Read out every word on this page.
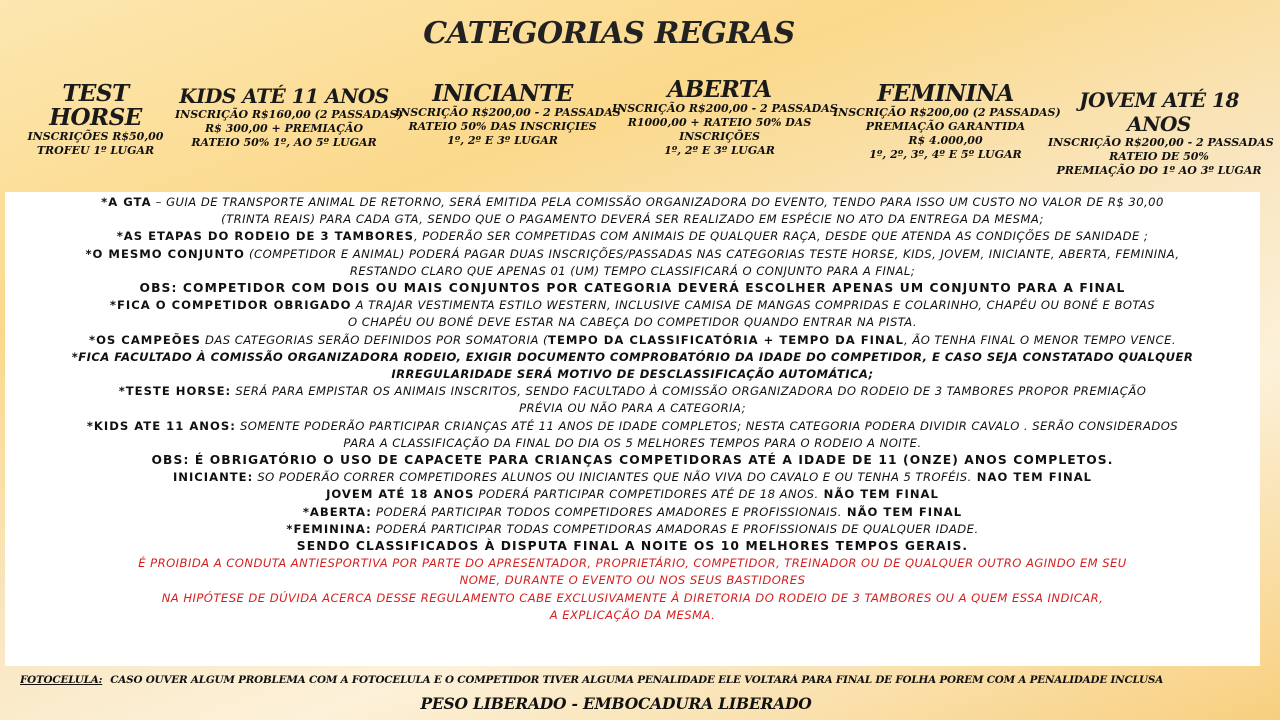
CATEGORIAS REGRAS
TEST HORSE
INSCRIÇÕES R$50,00
TROFEU 1º LUGAR
KIDS ATÉ 11 ANOS
INSCRIÇÃO R$160,00 (2 PASSADAS)
R$ 300,00 + PREMIAÇÃO
RATEIO 50% 1º, AO 5º LUGAR
INICIANTE
INSCRIÇÃO R$200,00 - 2 PASSADAS
RATEIO 50% DAS INSCRIÇIES
1º, 2º E 3º LUGAR
ABERTA
INSCRIÇÃO R$200,00 - 2 PASSADAS
R1000,00 + RATEIO 50% DAS
INSCRIÇÕES
1º, 2º E 3º LUGAR
FEMININA
INSCRIÇÃO R$200,00 (2 PASSADAS)
PREMIAÇÃO GARANTIDA
R$ 4.000,00
1º, 2º, 3º, 4º E 5º LUGAR
JOVEM ATÉ 18 ANOS
INSCRIÇÃO R$200,00 - 2 PASSADAS
RATEIO DE 50%
PREMIAÇÃO DO 1º AO 3º LUGAR
*A GTA – GUIA DE TRANSPORTE ANIMAL DE RETORNO, SERÁ EMITIDA PELA COMISSÃO ORGANIZADORA DO EVENTO, TENDO PARA ISSO UM CUSTO NO VALOR DE R$ 30,00
(TRINTA REAIS) PARA CADA GTA, SENDO QUE O PAGAMENTO DEVERÁ SER REALIZADO EM ESPÉCIE NO ATO DA ENTREGA DA MESMA;
*AS ETAPAS DO RODEIO DE 3 TAMBORES, PODERÃO SER COMPETIDAS COM ANIMAIS DE QUALQUER RAÇA, DESDE QUE ATENDA AS CONDIÇÕES DE SANIDADE ;
*O MESMO CONJUNTO (COMPETIDOR E ANIMAL) PODERÁ PAGAR DUAS INSCRIÇÕES/PASSADAS NAS CATEGORIAS TESTE HORSE, KIDS, JOVEM, INICIANTE, ABERTA, FEMININA,
RESTANDO CLARO QUE APENAS 01 (UM) TEMPO CLASSIFICARÁ O CONJUNTO PARA A FINAL;
OBS: COMPETIDOR COM DOIS OU MAIS CONJUNTOS POR CATEGORIA DEVERÁ ESCOLHER APENAS UM CONJUNTO PARA A FINAL
*FICA O COMPETIDOR OBRIGADO A TRAJAR VESTIMENTA ESTILO WESTERN, INCLUSIVE CAMISA DE MANGAS COMPRIDAS E COLARINHO, CHAPÉU OU BONÉ E BOTAS
O CHAPÉU OU BONÉ DEVE ESTAR NA CABEÇA DO COMPETIDOR QUANDO ENTRAR NA PISTA.
*OS CAMPEÕES DAS CATEGORIAS SERÃO DEFINIDOS POR SOMATORIA (TEMPO DA CLASSIFICATÓRIA + TEMPO DA FINAL, ÃO TENHA FINAL O MENOR TEMPO VENCE.
*FICA FACULTADO À COMISSÃO ORGANIZADORA RODEIO, EXIGIR DOCUMENTO COMPROBATÓRIO DA IDADE DO COMPETIDOR, E CASO SEJA CONSTATADO QUALQUER
IRREGULARIDADE SERÁ MOTIVO DE DESCLASSIFICAÇÃO AUTOMÁTICA;
*TESTE HORSE: SERÁ PARA EMPISTAR OS ANIMAIS INSCRITOS, SENDO FACULTADO À COMISSÃO ORGANIZADORA DO RODEIO DE 3 TAMBORES PROPOR PREMIAÇÃO
PRÉVIA OU NÃO PARA A CATEGORIA;
*KIDS ATE 11 ANOS: SOMENTE PODERÃO PARTICIPAR CRIANÇAS ATÉ 11 ANOS DE IDADE COMPLETOS; NESTA CATEGORIA PODERA DIVIDIR CAVALO . SERÃO CONSIDERADOS
PARA A CLASSIFICAÇÃO DA FINAL DO DIA OS 5 MELHORES TEMPOS PARA O RODEIO A NOITE.
OBS: É OBRIGATÓRIO O USO DE CAPACETE PARA CRIANÇAS COMPETIDORAS ATÉ A IDADE DE 11 (ONZE) ANOS COMPLETOS.
INICIANTE: SO PODERÃO CORRER COMPETIDORES ALUNOS OU INICIANTES QUE NÃO VIVA DO CAVALO E OU TENHA 5 TROFÉIS. NAO TEM FINAL
JOVEM ATÉ 18 ANOS PODERÁ PARTICIPAR COMPETIDORES ATÉ DE 18 ANOS. NÃO TEM FINAL
*ABERTA: PODERÁ PARTICIPAR TODOS COMPETIDORES AMADORES E PROFISSIONAIS. NÃO TEM FINAL
*FEMININA: PODERÁ PARTICIPAR TODAS COMPETIDORAS AMADORAS E PROFISSIONAIS DE QUALQUER IDADE.
SENDO CLASSIFICADOS À DISPUTA FINAL A NOITE OS 10 MELHORES TEMPOS GERAIS.
É PROIBIDA A CONDUTA ANTIESPORTIVA POR PARTE DO APRESENTADOR, PROPRIETÁRIO, COMPETIDOR, TREINADOR OU DE QUALQUER OUTRO AGINDO EM SEU
NOME, DURANTE O EVENTO OU NOS SEUS BASTIDORES
NA HIPÓTESE DE DÚVIDA ACERCA DESSE REGULAMENTO CABE EXCLUSIVAMENTE À DIRETORIA DO RODEIO DE 3 TAMBORES OU A QUEM ESSA INDICAR,
A EXPLICAÇÃO DA MESMA.
FOTOCELULA: CASO OUVER ALGUM PROBLEMA COM A FOTOCELULA E O COMPETIDOR TIVER ALGUMA PENALIDADE ELE VOLTARÁ PARA FINAL DE FOLHA POREM COM A PENALIDADE INCLUSA
PESO LIBERADO - EMBOCADURA LIBERADO
